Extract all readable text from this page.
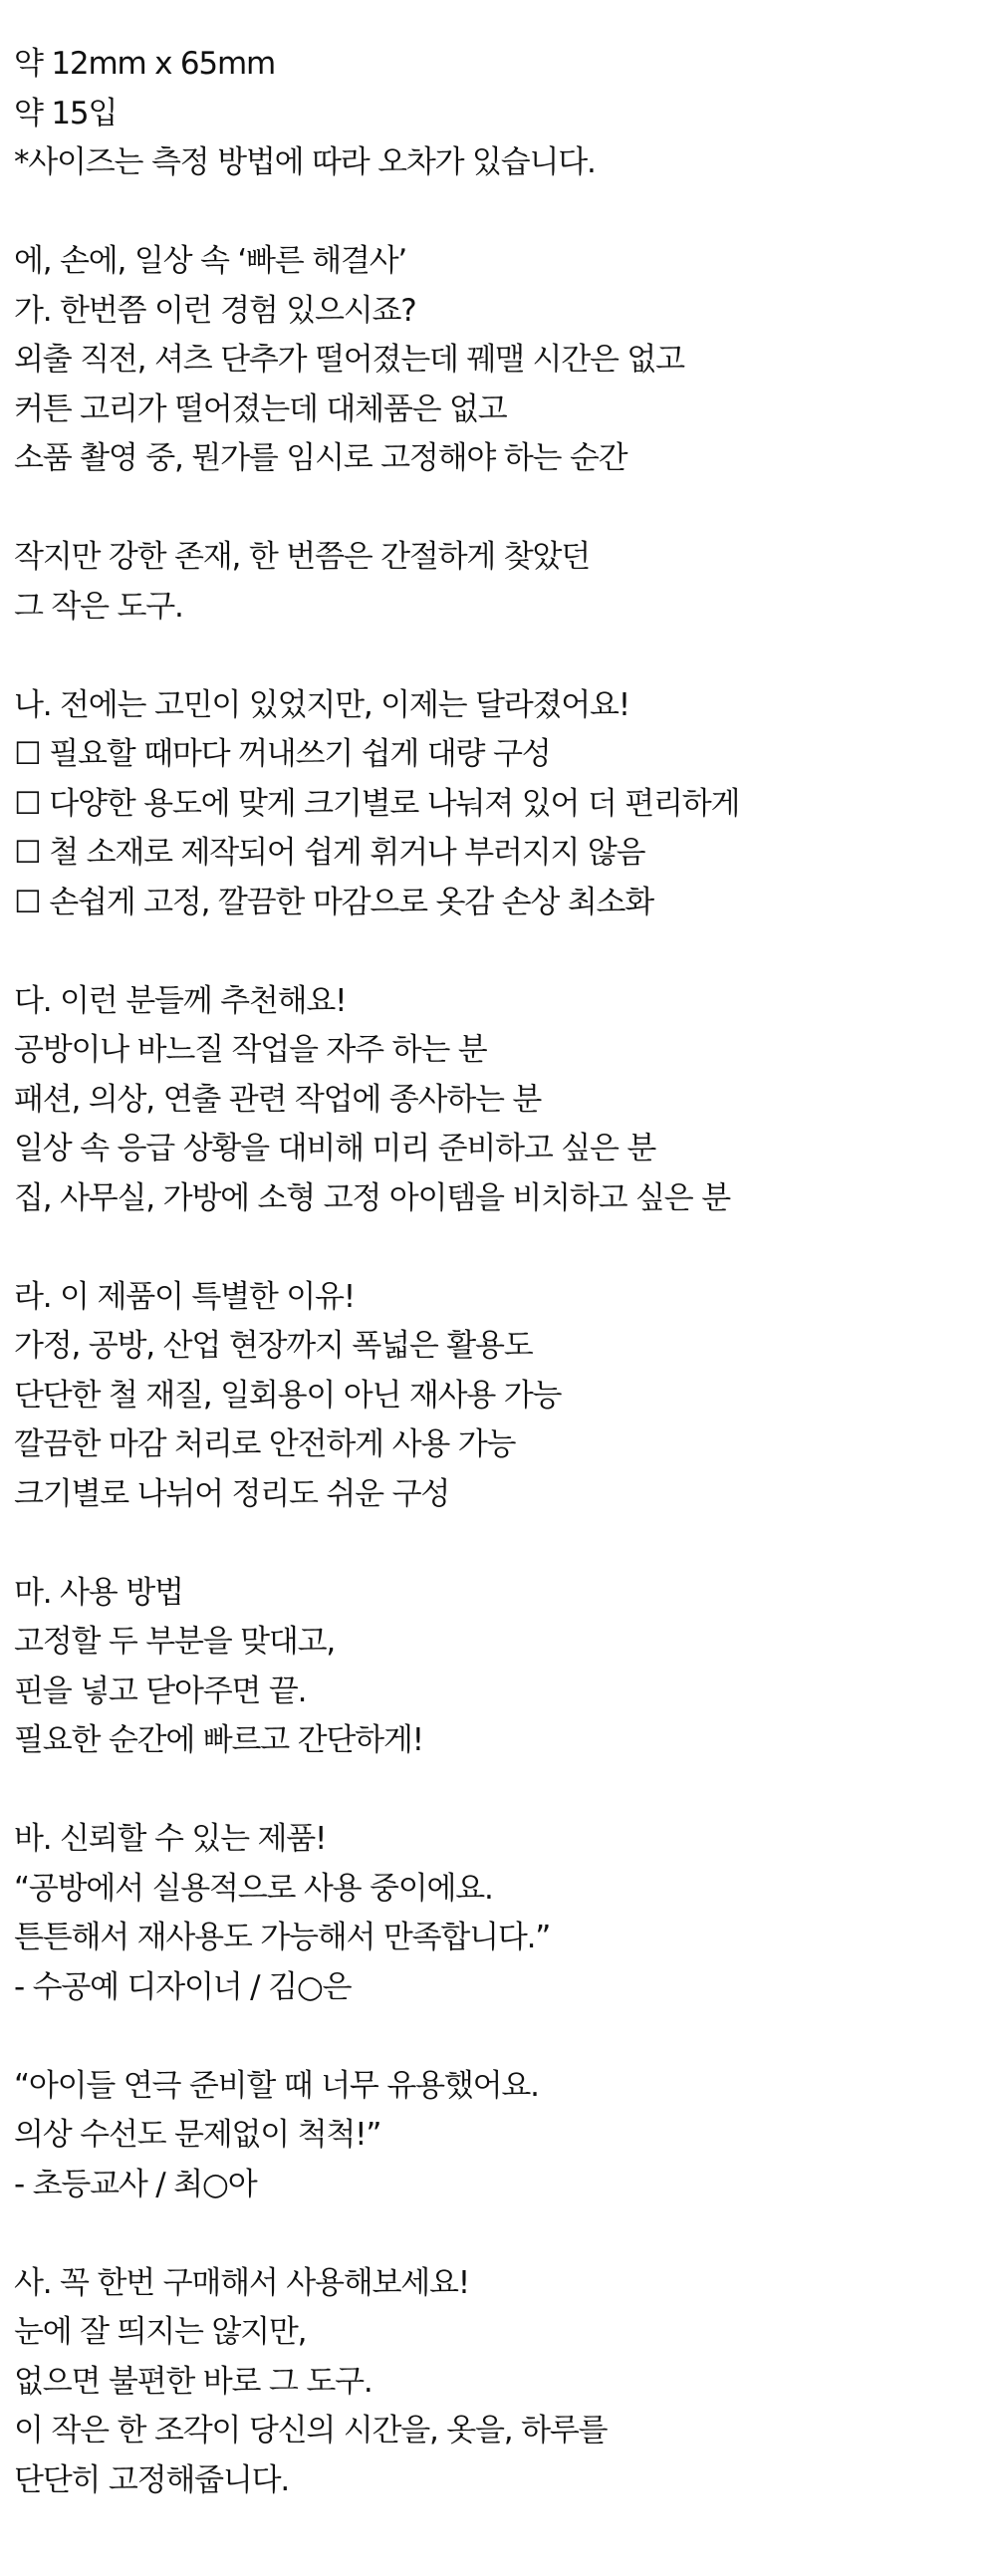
약 12mm x 65mm
약 15입
*사이즈는 측정 방법에 따라 오차가 있습니다.
에, 손에, 일상 속 ‘빠른 해결사’
가. 한번쯤 이런 경험 있으시죠?
외출 직전, 셔츠 단추가 떨어졌는데 꿰맬 시간은 없고
커튼 고리가 떨어졌는데 대체품은 없고
소품 촬영 중, 뭔가를 임시로 고정해야 하는 순간
작지만 강한 존재, 한 번쯤은 간절하게 찾았던
그 작은 도구.
나. 전에는 고민이 있었지만, 이제는 달라졌어요!
☐ 필요할 때마다 꺼내쓰기 쉽게 대량 구성
☐ 다양한 용도에 맞게 크기별로 나눠져 있어 더 편리하게
☐ 철 소재로 제작되어 쉽게 휘거나 부러지지 않음
☐ 손쉽게 고정, 깔끔한 마감으로 옷감 손상 최소화
다. 이런 분들께 추천해요!
공방이나 바느질 작업을 자주 하는 분
패션, 의상, 연출 관련 작업에 종사하는 분
일상 속 응급 상황을 대비해 미리 준비하고 싶은 분
집, 사무실, 가방에 소형 고정 아이템을 비치하고 싶은 분
라. 이 제품이 특별한 이유!
가정, 공방, 산업 현장까지 폭넓은 활용도
단단한 철 재질, 일회용이 아닌 재사용 가능
깔끔한 마감 처리로 안전하게 사용 가능
크기별로 나뉘어 정리도 쉬운 구성
마. 사용 방법
고정할 두 부분을 맞대고,
핀을 넣고 닫아주면 끝.
필요한 순간에 빠르고 간단하게!
바. 신뢰할 수 있는 제품!
“공방에서 실용적으로 사용 중이에요.
튼튼해서 재사용도 가능해서 만족합니다.”
- 수공예 디자이너 / 김○은
“아이들 연극 준비할 때 너무 유용했어요.
의상 수선도 문제없이 척척!”
- 초등교사 / 최○아
사. 꼭 한번 구매해서 사용해보세요!
눈에 잘 띄지는 않지만,
없으면 불편한 바로 그 도구.
이 작은 한 조각이 당신의 시간을, 옷을, 하루를
단단히 고정해줍니다.
